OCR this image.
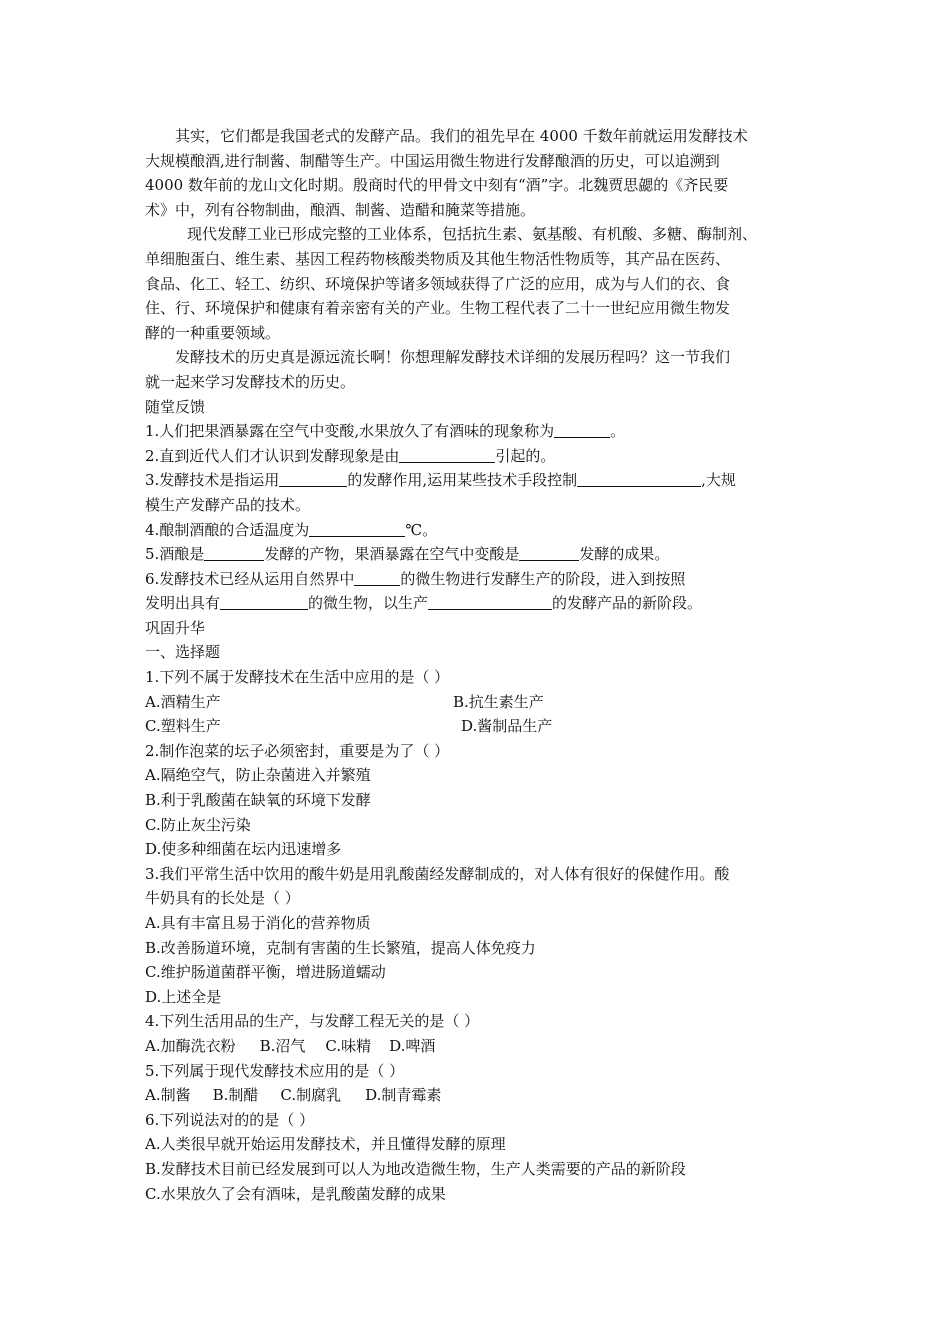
其实，它们都是我国老式的发酵产品。我们的祖先早在 4000 千数年前就运用发酵技术
大规模酿酒,进行制酱、制醋等生产。中国运用微生物进行发酵酿酒的历史，可以追溯到
4000 数年前的龙山文化时期。殷商时代的甲骨文中刻有“酒”字。北魏贾思勰的《齐民要
术》中，列有谷物制曲，酿酒、制酱、造醋和腌菜等措施。
现代发酵工业已形成完整的工业体系，包括抗生素、氨基酸、有机酸、多糖、酶制剂、
单细胞蛋白、维生素、基因工程药物核酸类物质及其他生物活性物质等，其产品在医药、
食品、化工、轻工、纺织、环境保护等诸多领域获得了广泛的应用，成为与人们的衣、食
住、行、环境保护和健康有着亲密有关的产业。生物工程代表了二十一世纪应用微生物发
酵的一种重要领域。
发酵技术的历史真是源远流长啊！你想理解发酵技术详细的发展历程吗？这一节我们
就一起来学习发酵技术的历史。
随堂反馈
1.人们把果酒暴露在空气中变酸,水果放久了有酒味的现象称为	。
2.直到近代人们才认识到发酵现象是由	引起的。
3.发酵技术是指运用	的发酵作用,运用某些技术手段控制	,大规
模生产发酵产品的技术。
4.酿制酒酿的合适温度为	℃。
5.酒酿是	发酵的产物，果酒暴露在空气中变酸是	发酵的成果。
6.发酵技术已经从运用自然界中	的微生物进行发酵生产的阶段，进入到按照
发明出具有	的微生物，以生产	的发酵产品的新阶段。
巩固升华
一、选择题
1.下列不属于发酵技术在生活中应用的是（ ）
A.酒精生产	B.抗生素生产
C.塑料生产	D.酱制品生产
2.制作泡菜的坛子必须密封，重要是为了（ ）
A.隔绝空气，防止杂菌进入并繁殖
B.利于乳酸菌在缺氧的环境下发酵
C.防止灰尘污染
D.使多种细菌在坛内迅速增多
3.我们平常生活中饮用的酸牛奶是用乳酸菌经发酵制成的，对人体有很好的保健作用。酸
牛奶具有的长处是（ ）
A.具有丰富且易于消化的营养物质
B.改善肠道环境，克制有害菌的生长繁殖，提高人体免疫力
C.维护肠道菌群平衡，增进肠道蠕动
D.上述全是
4.下列生活用品的生产，与发酵工程无关的是（ ）
A.加酶洗衣粉 B.沼气 C.味精 D.啤酒
5.下列属于现代发酵技术应用的是（ ）
A.制酱 B.制醋 C.制腐乳 D.制青霉素
6.下列说法对的的是（ ）
A.人类很早就开始运用发酵技术，并且懂得发酵的原理
B.发酵技术目前已经发展到可以人为地改造微生物，生产人类需要的产品的新阶段
C.水果放久了会有酒味，是乳酸菌发酵的成果
